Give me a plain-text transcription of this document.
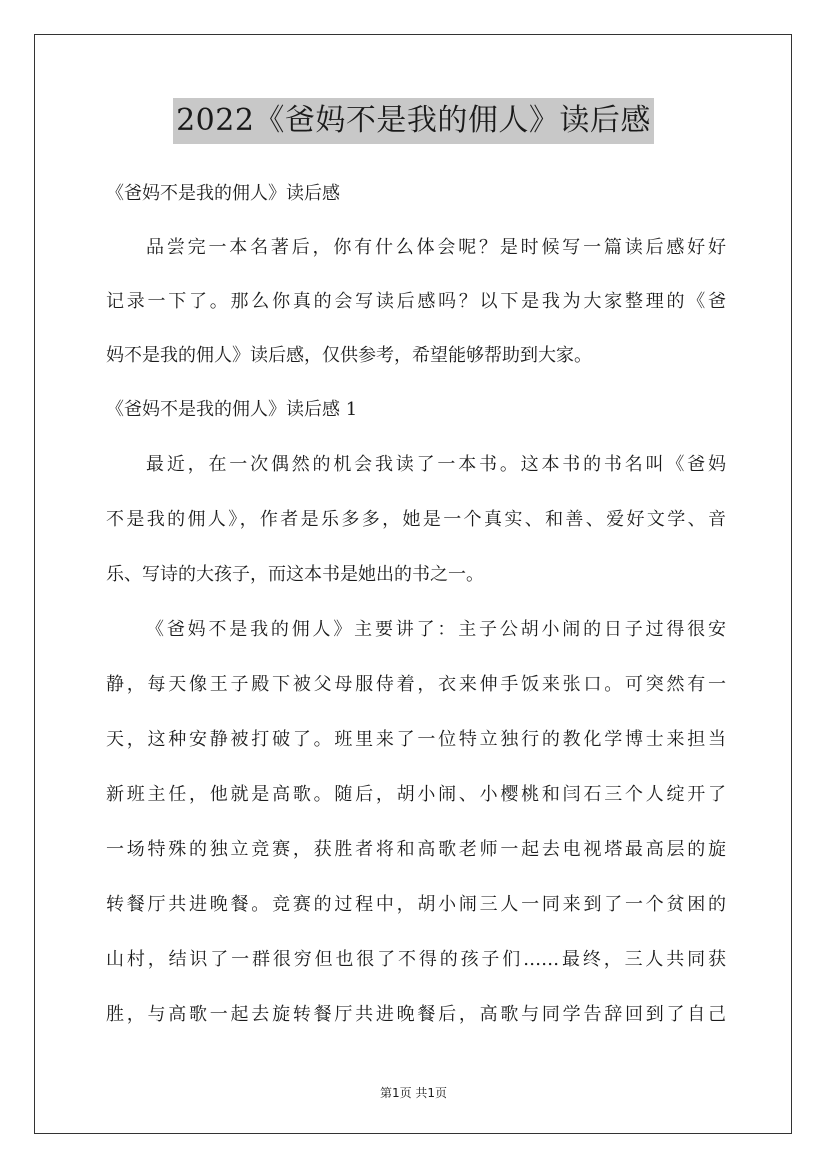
2022《爸妈不是我的佣人》读后感
《爸妈不是我的佣人》读后感
品尝完一本名著后，你有什么体会呢？是时候写一篇读后感好好
记录一下了。那么你真的会写读后感吗？以下是我为大家整理的《爸
妈不是我的佣人》读后感，仅供参考，希望能够帮助到大家。
《爸妈不是我的佣人》读后感 1
最近，在一次偶然的机会我读了一本书。这本书的书名叫《爸妈
不是我的佣人》，作者是乐多多，她是一个真实、和善、爱好文学、音
乐、写诗的大孩子，而这本书是她出的书之一。
《爸妈不是我的佣人》主要讲了：主子公胡小闹的日子过得很安
静，每天像王子殿下被父母服侍着，衣来伸手饭来张口。可突然有一
天，这种安静被打破了。班里来了一位特立独行的教化学博士来担当
新班主任，他就是高歌。随后，胡小闹、小樱桃和闫石三个人绽开了
一场特殊的独立竞赛，获胜者将和高歌老师一起去电视塔最高层的旋
转餐厅共进晚餐。竞赛的过程中，胡小闹三人一同来到了一个贫困的
山村，结识了一群很穷但也很了不得的孩子们……最终，三人共同获
胜，与高歌一起去旋转餐厅共进晚餐后，高歌与同学告辞回到了自己
第1页 共1页
